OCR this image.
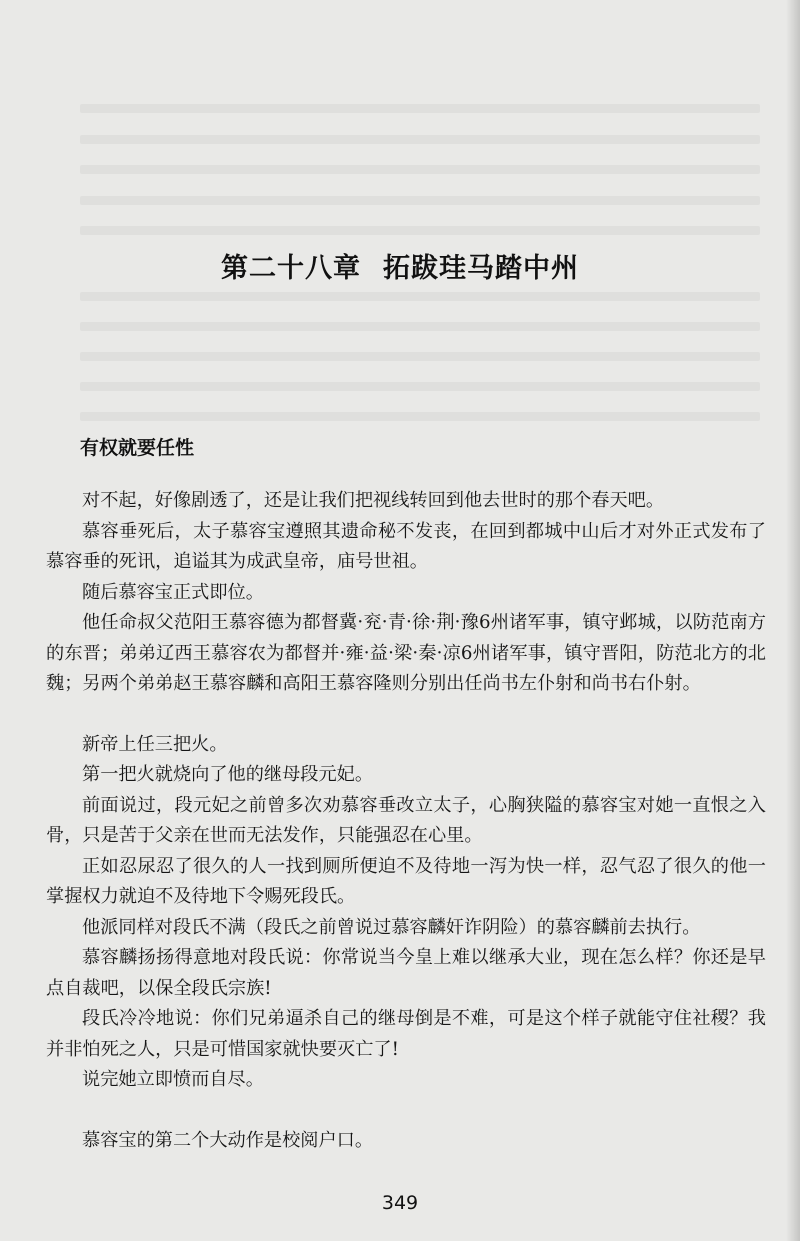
第二十八章 拓跋珪马踏中州
有权就要任性

对不起，好像剧透了，还是让我们把视线转回到他去世时的那个春天吧。

慕容垂死后，太子慕容宝遵照其遗命秘不发丧，在回到都城中山后才对外正式发布了慕容垂的死讯，追谥其为成武皇帝，庙号世祖。

随后慕容宝正式即位。

他任命叔父范阳王慕容德为都督冀·兖·青·徐·荆·豫6州诸军事，镇守邺城，以防范南方的东晋；弟弟辽西王慕容农为都督并·雍·益·梁·秦·凉6州诸军事，镇守晋阳，防范北方的北魏；另两个弟弟赵王慕容麟和高阳王慕容隆则分别出任尚书左仆射和尚书右仆射。

新帝上任三把火。

第一把火就烧向了他的继母段元妃。

前面说过，段元妃之前曾多次劝慕容垂改立太子，心胸狭隘的慕容宝对她一直恨之入骨，只是苦于父亲在世而无法发作，只能强忍在心里。

正如忍尿忍了很久的人一找到厕所便迫不及待地一泻为快一样，忍气忍了很久的他一掌握权力就迫不及待地下令赐死段氏。

他派同样对段氏不满（段氏之前曾说过慕容麟奸诈阴险）的慕容麟前去执行。

慕容麟扬扬得意地对段氏说：你常说当今皇上难以继承大业，现在怎么样？你还是早点自裁吧，以保全段氏宗族!

段氏冷冷地说：你们兄弟逼杀自己的继母倒是不难，可是这个样子就能守住社稷？我并非怕死之人，只是可惜国家就快要灭亡了!

说完她立即愤而自尽。

慕容宝的第二个大动作是校阅户口。

349
